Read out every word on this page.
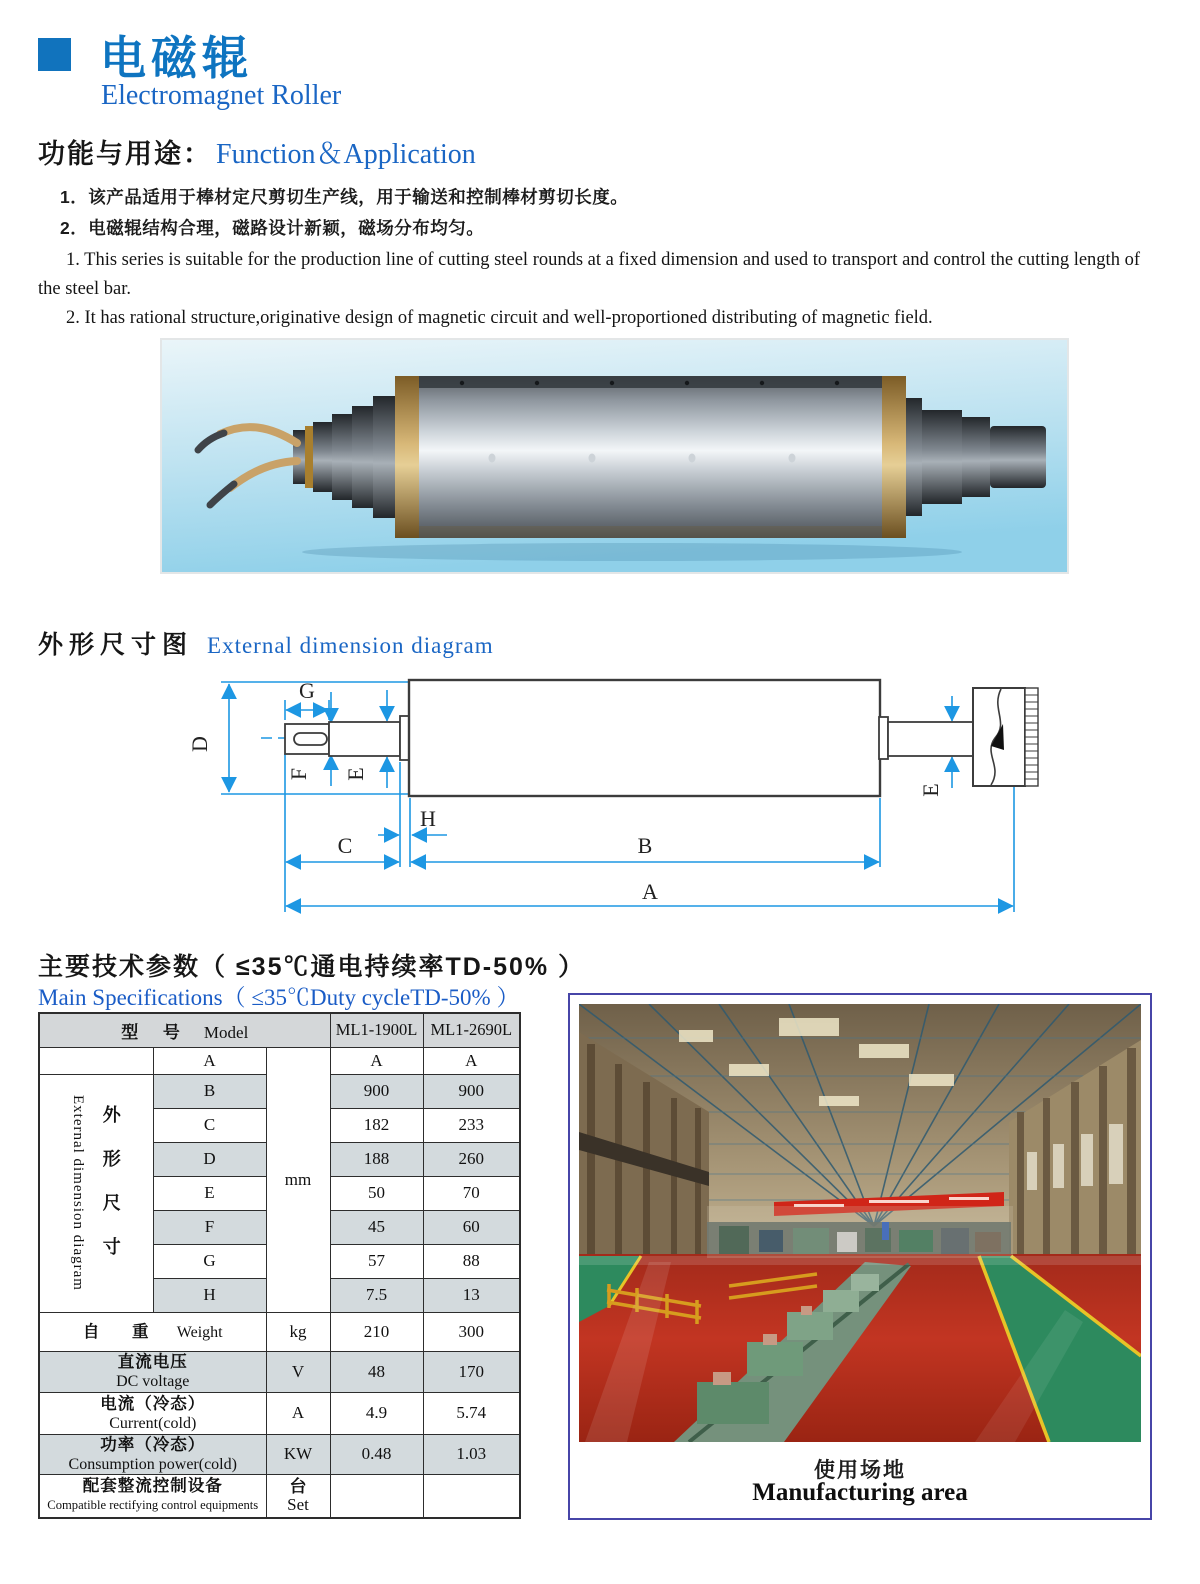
电磁辊
Electromagnet Roller
功能与用途： Function＆Application
1．该产品适用于棒材定尺剪切生产线，用于输送和控制棒材剪切长度。
2．电磁辊结构合理，磁路设计新颖，磁场分布均匀。

1. This series is suitable for the production line of cutting steel rounds at a fixed dimension and used to transport and control the cutting length of the steel bar.

2. It has rational structure,originative design of magnetic circuit and well-proportioned distributing of magnetic field.

外形尺寸图 External dimension diagram
D
G
F E
E
H
C	B
A
主要技术参数（ ≤35℃通电持续率TD-50% ）
Main Specifications（ ≤35℃Duty cycleTD-50% ）
型 号 Model			ML1-1900L	ML1-2690L
	A	mm	A	A

External dimension diagram 外形尺寸	B		900	900
	C		182	233
	D		188	260
	E		50	70
	F		45	60
	G		57	88
	H		7.5	13
自 重 Weight		kg	210	300

直流电压
DC voltage		V	48	170

电流（冷态）
Current(cold)		A	4.9	5.74

功率（冷态）
Consumption power(cold)		KW	0.48	1.03

配套整流控制设备
Compatible rectifying control equipments		台
Set		

使用场地
Manufacturing area
